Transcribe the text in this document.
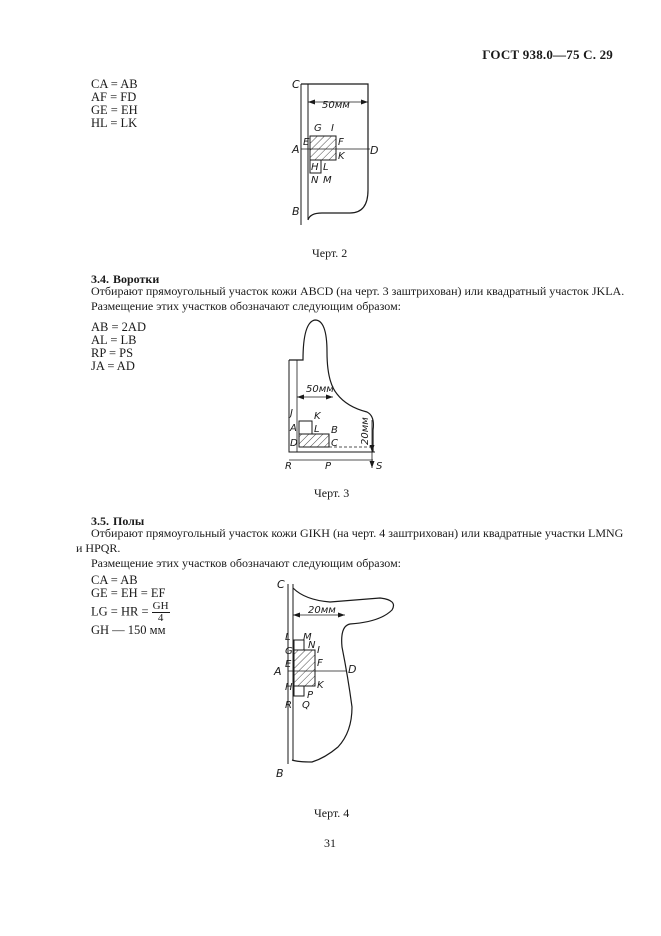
ГОСТ 938.0—75 С. 29
CA = AB
AF = FD
GE = EH
HL = LK
50мм
C
A
B
D
G I
E	F
K
H L
N M
Черт. 2
3.4. Воротки
Отбирают прямоугольный участок кожи ABCD (на черт. 3 заштрихован) или квадратный участок JKLA.
Размещение этих участков обозначают следующим образом:
AB = 2AD
AL = LB
RP = PS
JA = AD
50мм
20мм
J K
A L B
D	C
R	P	S
Черт. 3
3.5. Полы
Отбирают прямоугольный участок кожи GIKH (на черт. 4 заштрихован) или квадратные участки LMNG
и HPQR.
Размещение этих участков обозначают следующим образом:
CA = AB
GE = EH = EF
LG = HR = $\frac{GH}{4}$
GH — 150 мм
20мм
C
L M
N
G I
E	F
A	D
H K
P
R Q
B
Черт. 4
31
